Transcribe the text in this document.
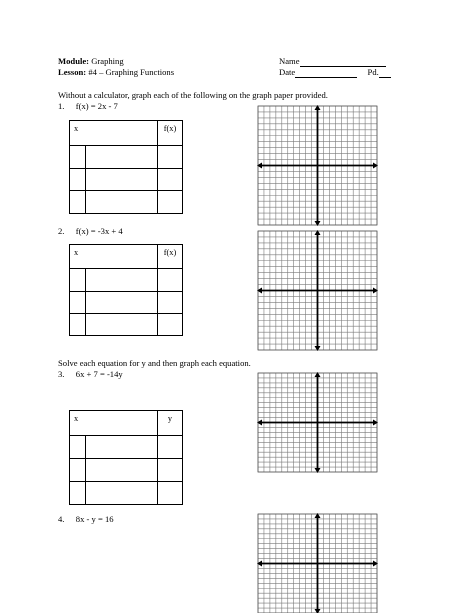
Module: Graphing
Lesson: #4 – Graphing Functions
Name
Date	Pd.
Without a calculator, graph each of the following on the graph paper provided.
1. f(x) = 2x - 7
x		f(x)

2. f(x) = -3x + 4
x		f(x)

Solve each equation for y and then graph each equation.
3. 6x + 7 = -14y
x		y

4. 8x - y = 16
